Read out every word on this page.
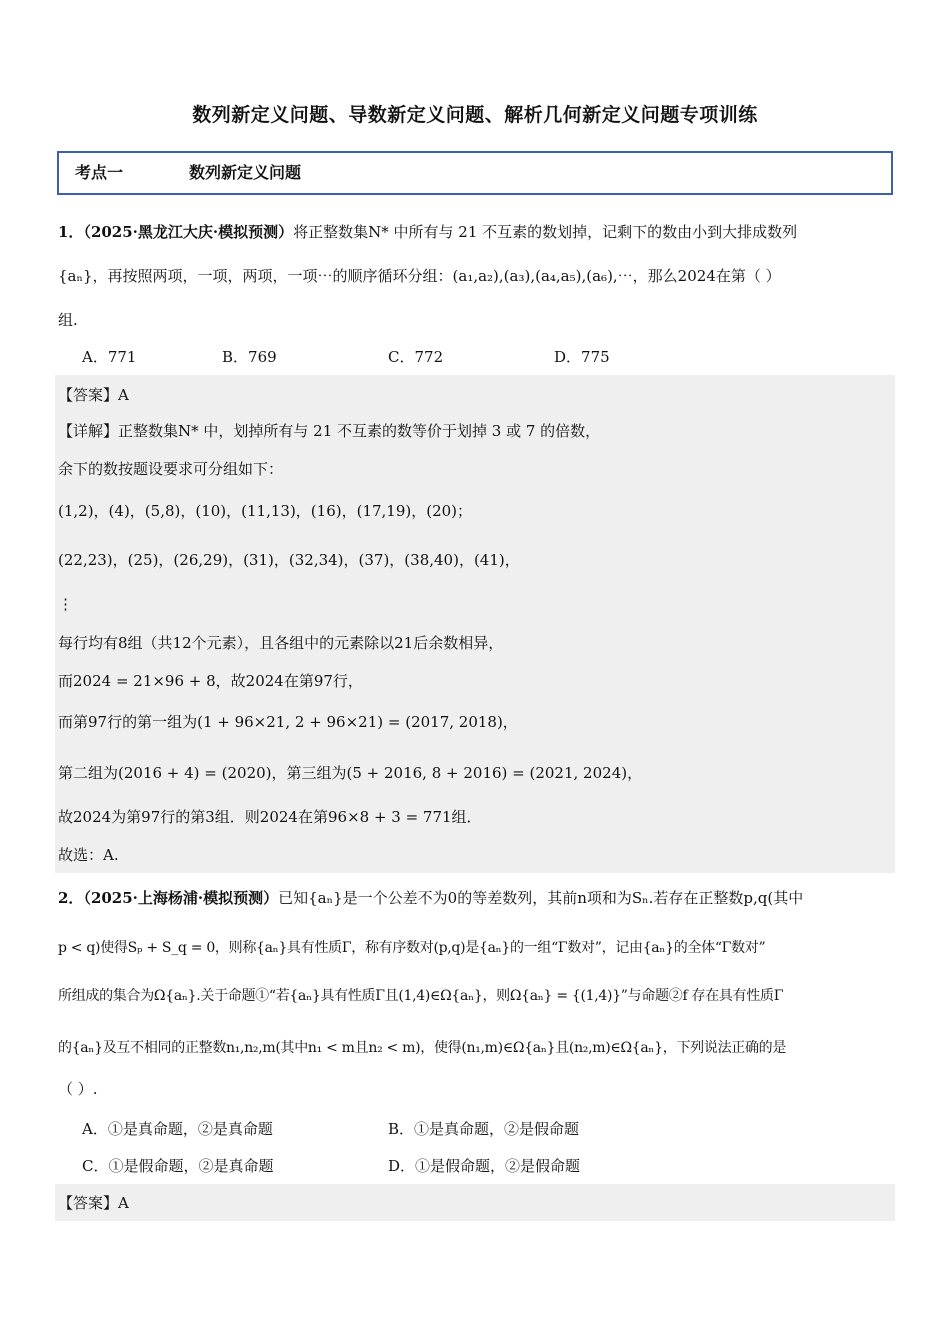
数列新定义问题、导数新定义问题、解析几何新定义问题专项训练
考点一	数列新定义问题
1．（2025·黑龙江大庆·模拟预测）将正整数集N* 中所有与 21 不互素的数划掉，记剩下的数由小到大排成数列
{aₙ}，再按照两项，一项，两项，一项⋯的顺序循环分组：(a₁,a₂),(a₃),(a₄,a₅),(a₆),⋯，那么2024在第（ ）
组.
A．771	B．769	C．772	D．775
【答案】A
【详解】正整数集N* 中，划掉所有与 21 不互素的数等价于划掉 3 或 7 的倍数，
余下的数按题设要求可分组如下：
(1,2)，(4)，(5,8)，(10)，(11,13)，(16)，(17,19)，(20)；
(22,23)，(25)，(26,29)，(31)，(32,34)，(37)，(38,40)，(41)，
⋮
每行均有8组（共12个元素），且各组中的元素除以21后余数相异，
而2024 = 21×96 + 8，故2024在第97行，
而第97行的第一组为(1 + 96×21, 2 + 96×21) = (2017, 2018)，
第二组为(2016 + 4) = (2020)，第三组为(5 + 2016, 8 + 2016) = (2021, 2024)，
故2024为第97行的第3组．则2024在第96×8 + 3 = 771组．
故选：A.
2．（2025·上海杨浦·模拟预测）已知{aₙ}是一个公差不为0的等差数列，其前n项和为Sₙ.若存在正整数p,q(其中
p < q)使得Sₚ + S_q = 0，则称{aₙ}具有性质Γ，称有序数对(p,q)是{aₙ}的一组“Γ数对”，记由{aₙ}的全体“Γ数对”
所组成的集合为Ω{aₙ}.关于命题①“若{aₙ}具有性质Γ且(1,4)∈Ω{aₙ}，则Ω{aₙ} = {(1,4)}”与命题②f 存在具有性质Γ
的{aₙ}及互不相同的正整数n₁,n₂,m(其中n₁ < m且n₂ < m)，使得(n₁,m)∈Ω{aₙ}且(n₂,m)∈Ω{aₙ}，下列说法正确的是
（ ）.
A．①是真命题，②是真命题	B．①是真命题，②是假命题
C．①是假命题，②是真命题	D．①是假命题，②是假命题
【答案】A
